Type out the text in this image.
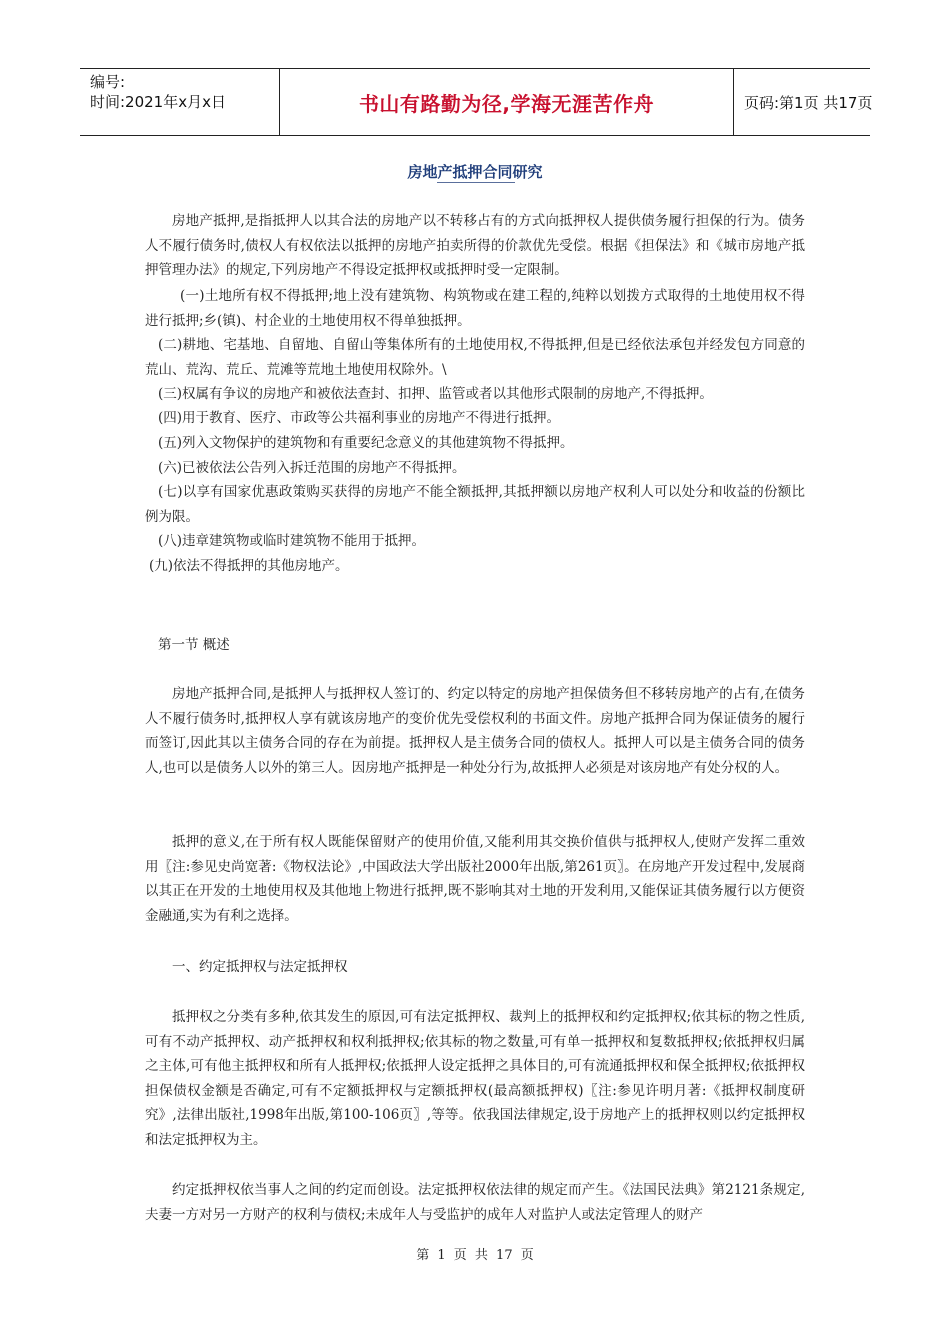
编号:
时间:2021年x月x日	书山有路勤为径,学海无涯苦作舟	页码:第1页 共17页
房地产抵押合同研究

房地产抵押,是指抵押人以其合法的房地产以不转移占有的方式向抵押权人提供债务履行担保的行为。债务人不履行债务时,债权人有权依法以抵押的房地产拍卖所得的价款优先受偿。根据《担保法》和《城市房地产抵押管理办法》的规定,下列房地产不得设定抵押权或抵押时受一定限制。

(一)土地所有权不得抵押;地上没有建筑物、构筑物或在建工程的,纯粹以划拨方式取得的土地使用权不得进行抵押;乡(镇)、村企业的土地使用权不得单独抵押。

(二)耕地、宅基地、自留地、自留山等集体所有的土地使用权,不得抵押,但是已经依法承包并经发包方同意的荒山、荒沟、荒丘、荒滩等荒地土地使用权除外。\

(三)权属有争议的房地产和被依法查封、扣押、监管或者以其他形式限制的房地产,不得抵押。

(四)用于教育、医疗、市政等公共福利事业的房地产不得进行抵押。

(五)列入文物保护的建筑物和有重要纪念意义的其他建筑物不得抵押。

(六)已被依法公告列入拆迁范围的房地产不得抵押。

(七)以享有国家优惠政策购买获得的房地产不能全额抵押,其抵押额以房地产权利人可以处分和收益的份额比例为限。

(八)违章建筑物或临时建筑物不能用于抵押。

(九)依法不得抵押的其他房地产。

第一节 概述

房地产抵押合同,是抵押人与抵押权人签订的、约定以特定的房地产担保债务但不移转房地产的占有,在债务人不履行债务时,抵押权人享有就该房地产的变价优先受偿权利的书面文件。房地产抵押合同为保证债务的履行而签订,因此其以主债务合同的存在为前提。抵押权人是主债务合同的债权人。抵押人可以是主债务合同的债务人,也可以是债务人以外的第三人。因房地产抵押是一种处分行为,故抵押人必须是对该房地产有处分权的人。

抵押的意义,在于所有权人既能保留财产的使用价值,又能利用其交换价值供与抵押权人,使财产发挥二重效用〖注:参见史尚宽著:《物权法论》,中国政法大学出版社2000年出版,第261页〗。在房地产开发过程中,发展商以其正在开发的土地使用权及其他地上物进行抵押,既不影响其对土地的开发利用,又能保证其债务履行以方便资金融通,实为有利之选择。

一、约定抵押权与法定抵押权

抵押权之分类有多种,依其发生的原因,可有法定抵押权、裁判上的抵押权和约定抵押权;依其标的物之性质,可有不动产抵押权、动产抵押权和权利抵押权;依其标的物之数量,可有单一抵押权和复数抵押权;依抵押权归属之主体,可有他主抵押权和所有人抵押权;依抵押人设定抵押之具体目的,可有流通抵押权和保全抵押权;依抵押权担保债权金额是否确定,可有不定额抵押权与定额抵押权(最高额抵押权)〖注:参见许明月著:《抵押权制度研究》,法律出版社,1998年出版,第100-106页〗,等等。依我国法律规定,设于房地产上的抵押权则以约定抵押权和法定抵押权为主。

约定抵押权依当事人之间的约定而创设。法定抵押权依法律的规定而产生。《法国民法典》第2121条规定,夫妻一方对另一方财产的权利与债权;未成年人与受监护的成年人对监护人或法定管理人的财产

第 1 页 共 17 页
